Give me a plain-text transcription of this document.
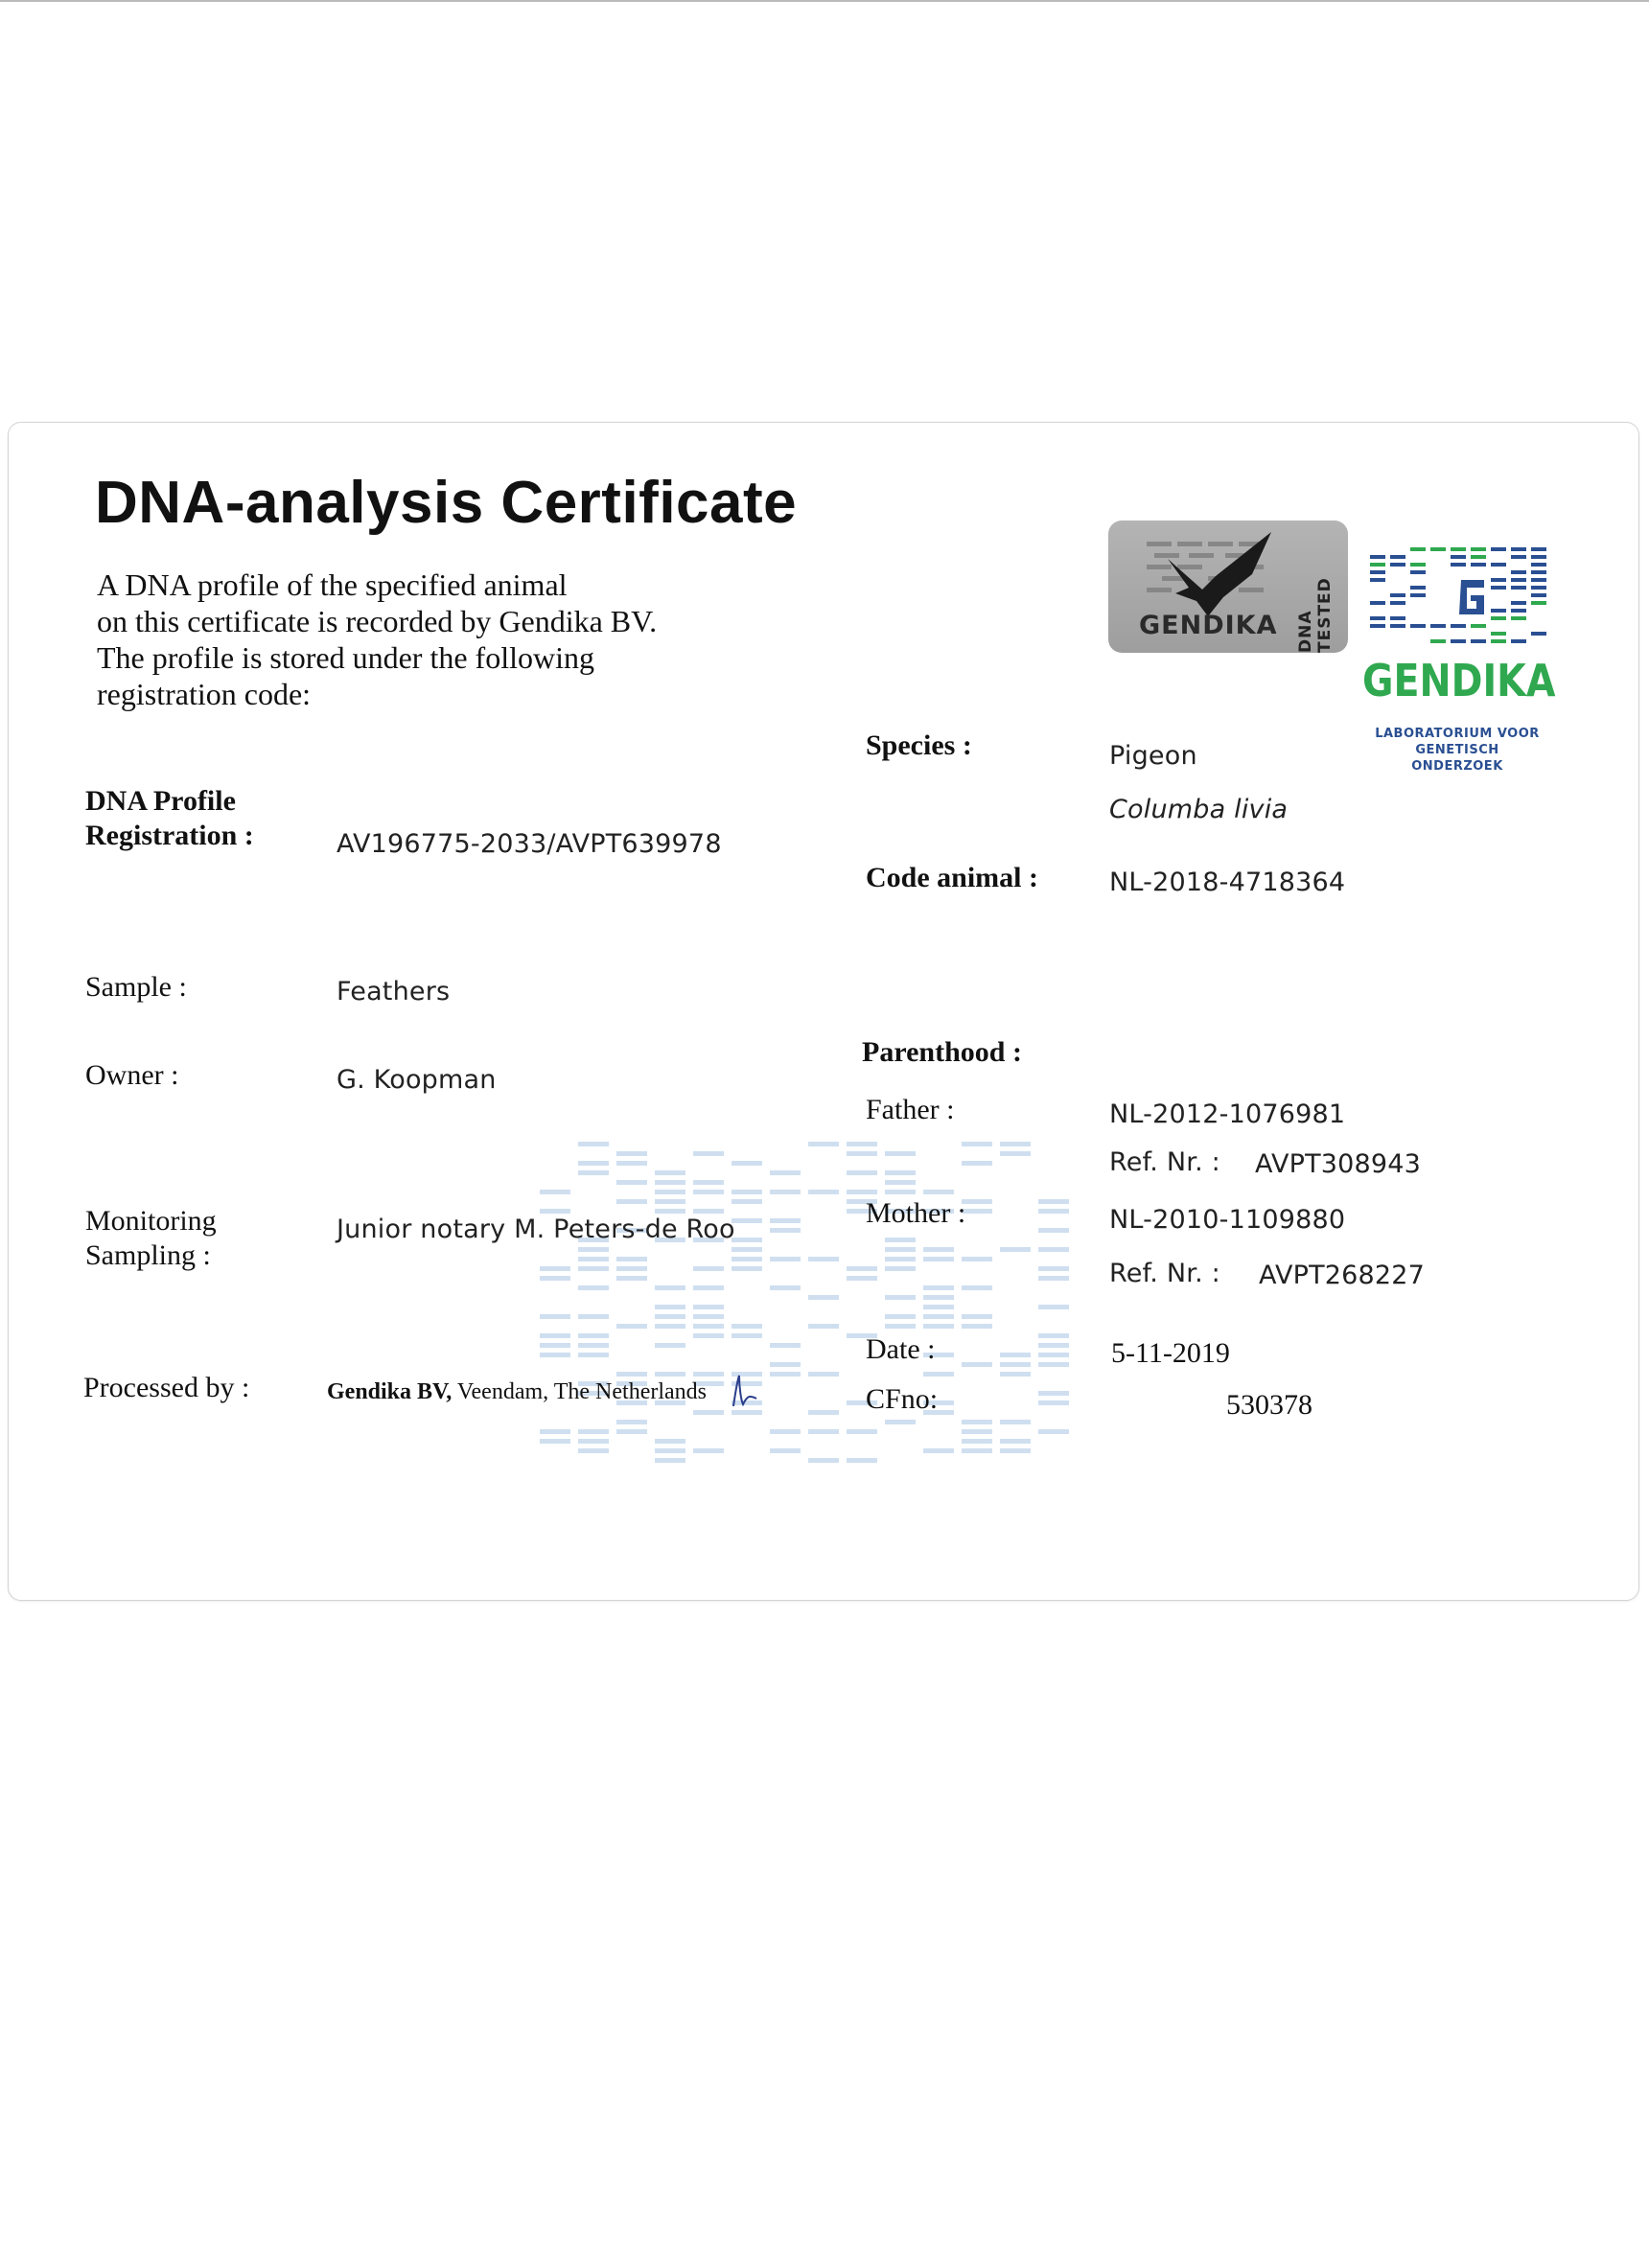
DNA-analysis Certificate
A DNA profile of the specified animal
on this certificate is recorded by Gendika BV.
The profile is stored under the following
registration code:
GENDIKA DNA TESTED
GENDIKA
LABORATORIUM VOOR
GENETISCH ONDERZOEK
DNA Profile
Registration :	AV196775-2033/AVPT639978
Sample :	Feathers
Owner :	G. Koopman
Monitoring
Sampling :
Junior notary M. Peters-de Roo
Processed by :	Gendika BV, Veendam, The Netherlands
Species :	Pigeon
Columba livia
Code animal :	NL-2018-4718364
Parenthood :
Father :	NL-2012-1076981
Ref. Nr. : AVPT308943
Mother :	NL-2010-1109880
Ref. Nr. : AVPT268227
Date :	5-11-2019
CFno:	530378
